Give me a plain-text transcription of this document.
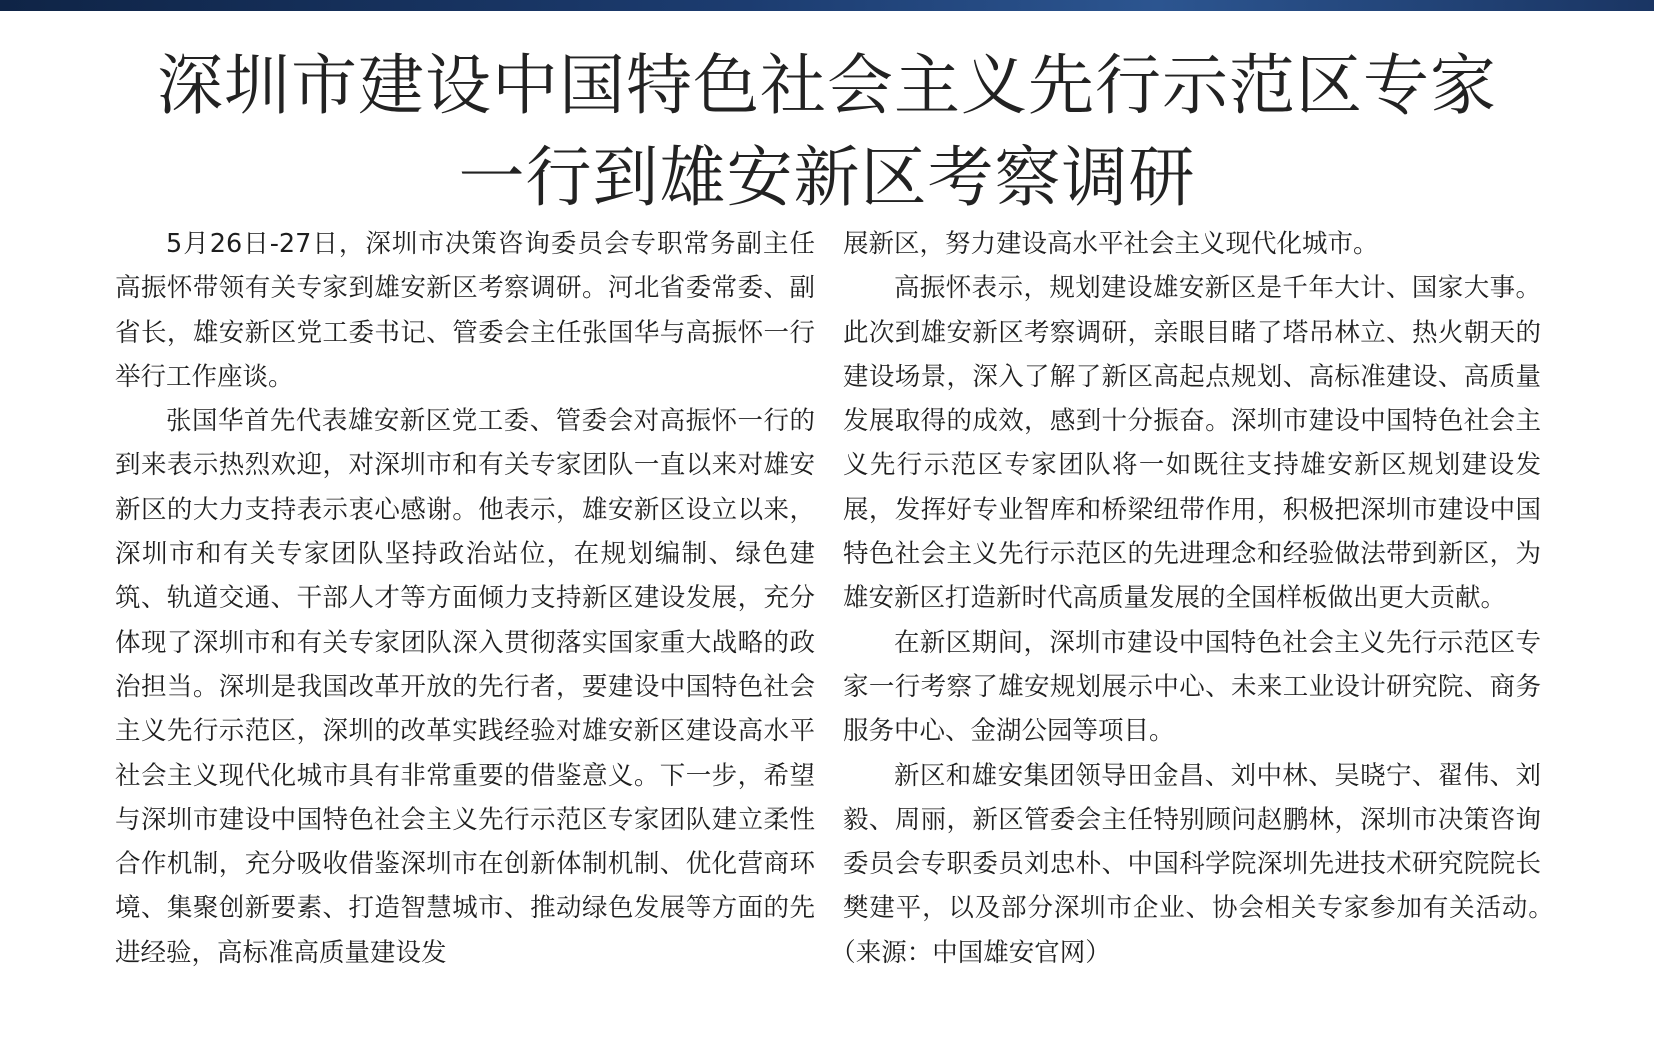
深圳市建设中国特色社会主义先行示范区专家
一行到雄安新区考察调研

5月26日-27日，深圳市决策咨询委员会专职常务副主任高振怀带领有关专家到雄安新区考察调研。河北省委常委、副省长，雄安新区党工委书记、管委会主任张国华与高振怀一行举行工作座谈。

张国华首先代表雄安新区党工委、管委会对高振怀一行的到来表示热烈欢迎，对深圳市和有关专家团队一直以来对雄安新区的大力支持表示衷心感谢。他表示，雄安新区设立以来，深圳市和有关专家团队坚持政治站位，在规划编制、绿色建筑、轨道交通、干部人才等方面倾力支持新区建设发展，充分体现了深圳市和有关专家团队深入贯彻落实国家重大战略的政治担当。深圳是我国改革开放的先行者，要建设中国特色社会主义先行示范区，深圳的改革实践经验对雄安新区建设高水平社会主义现代化城市具有非常重要的借鉴意义。下一步，希望与深圳市建设中国特色社会主义先行示范区专家团队建立柔性合作机制，充分吸收借鉴深圳市在创新体制机制、优化营商环境、集聚创新要素、打造智慧城市、推动绿色发展等方面的先进经验，高标准高质量建设发

展新区，努力建设高水平社会主义现代化城市。

高振怀表示，规划建设雄安新区是千年大计、国家大事。此次到雄安新区考察调研，亲眼目睹了塔吊林立、热火朝天的建设场景，深入了解了新区高起点规划、高标准建设、高质量发展取得的成效，感到十分振奋。深圳市建设中国特色社会主义先行示范区专家团队将一如既往支持雄安新区规划建设发展，发挥好专业智库和桥梁纽带作用，积极把深圳市建设中国特色社会主义先行示范区的先进理念和经验做法带到新区，为雄安新区打造新时代高质量发展的全国样板做出更大贡献。

在新区期间，深圳市建设中国特色社会主义先行示范区专家一行考察了雄安规划展示中心、未来工业设计研究院、商务服务中心、金湖公园等项目。

新区和雄安集团领导田金昌、刘中林、吴晓宁、翟伟、刘毅、周丽，新区管委会主任特别顾问赵鹏林，深圳市决策咨询委员会专职委员刘忠朴、中国科学院深圳先进技术研究院院长樊建平，以及部分深圳市企业、协会相关专家参加有关活动。　（来源：中国雄安官网）
